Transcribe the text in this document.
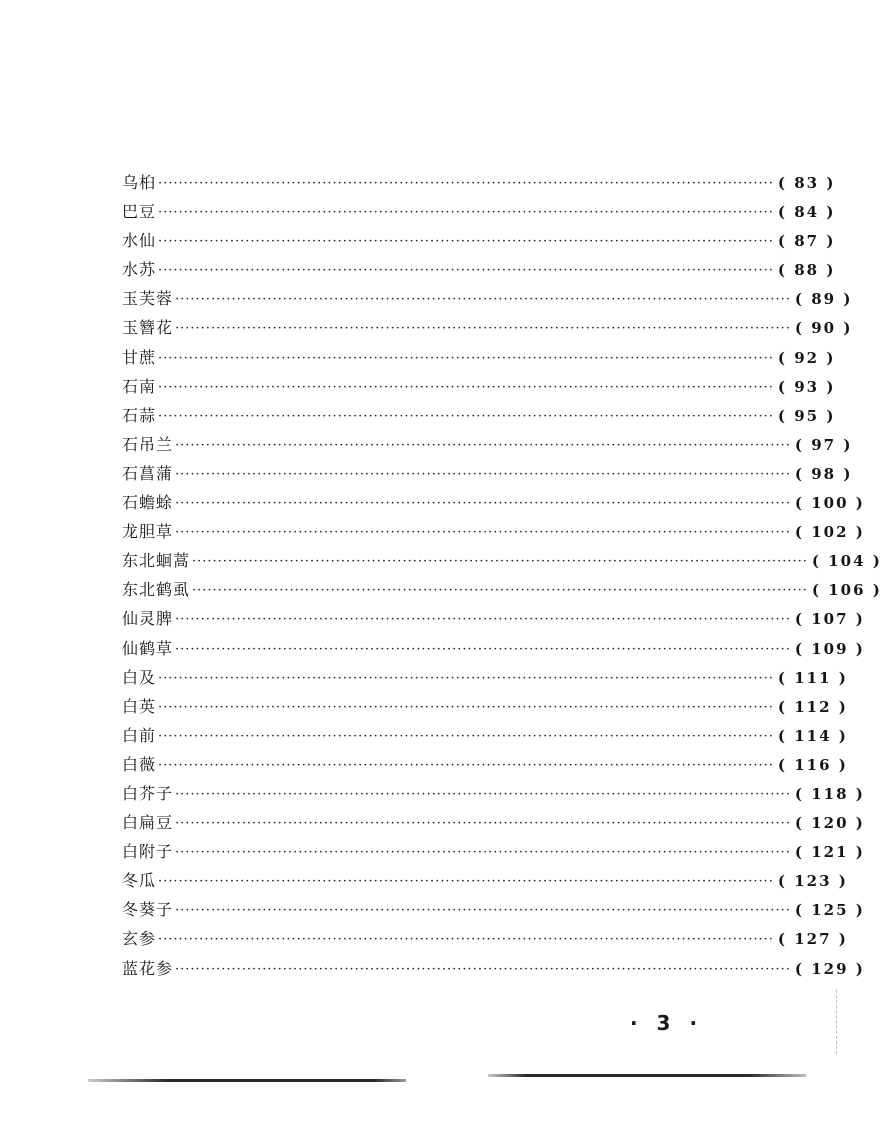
乌桕 ························································································································ ( 83 )
巴豆 ························································································································ ( 84 )
水仙 ························································································································ ( 87 )
水苏 ························································································································ ( 88 )
玉芙蓉 ························································································································ ( 89 )
玉簪花 ························································································································ ( 90 )
甘蔗 ························································································································ ( 92 )
石南 ························································································································ ( 93 )
石蒜 ························································································································ ( 95 )
石吊兰 ························································································································ ( 97 )
石菖蒲 ························································································································ ( 98 )
石蟾蜍 ························································································································ ( 100 )
龙胆草 ························································································································ ( 102 )
东北蛔蒿 ························································································································ ( 104 )
东北鹤虱 ························································································································ ( 106 )
仙灵脾 ························································································································ ( 107 )
仙鹤草 ························································································································ ( 109 )
白及 ························································································································ ( 111 )
白英 ························································································································ ( 112 )
白前 ························································································································ ( 114 )
白薇 ························································································································ ( 116 )
白芥子 ························································································································ ( 118 )
白扁豆 ························································································································ ( 120 )
白附子 ························································································································ ( 121 )
冬瓜 ························································································································ ( 123 )
冬葵子 ························································································································ ( 125 )
玄参 ························································································································ ( 127 )
蓝花参 ························································································································ ( 129 )
· 3 ·
